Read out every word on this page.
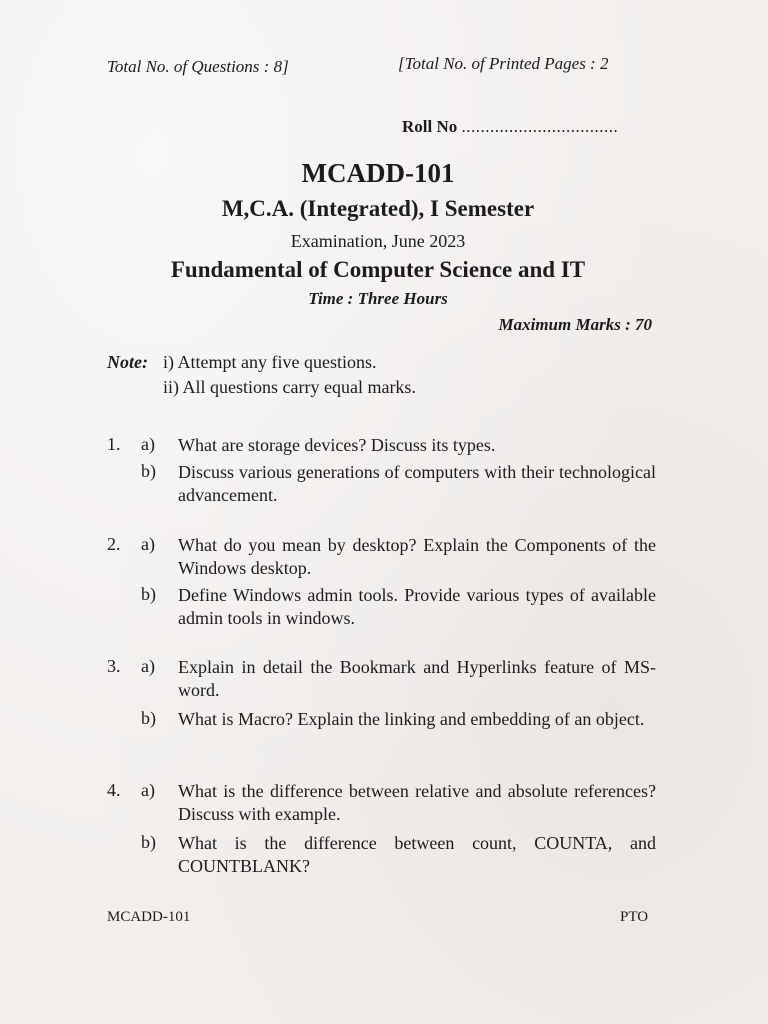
Total No. of Questions : 8]	[Total No. of Printed Pages : 2
Roll No .................................
MCADD-101
M,C.A. (Integrated), I Semester
Examination, June 2023
Fundamental of Computer Science and IT
Time : Three Hours
Maximum Marks : 70
Note: i) Attempt any five questions.
ii) All questions carry equal marks.
1. a) What are storage devices? Discuss its types.
b) Discuss various generations of computers with their technological advancement.
2. a) What do you mean by desktop? Explain the Components of the Windows desktop.
b) Define Windows admin tools. Provide various types of available admin tools in windows.
3. a) Explain in detail the Bookmark and Hyperlinks feature of MS-word.
b) What is Macro? Explain the linking and embedding of an object.
4. a) What is the difference between relative and absolute references? Discuss with example.
b) What is the difference between count, COUNTA, and COUNTBLANK?
MCADD-101	PTO
